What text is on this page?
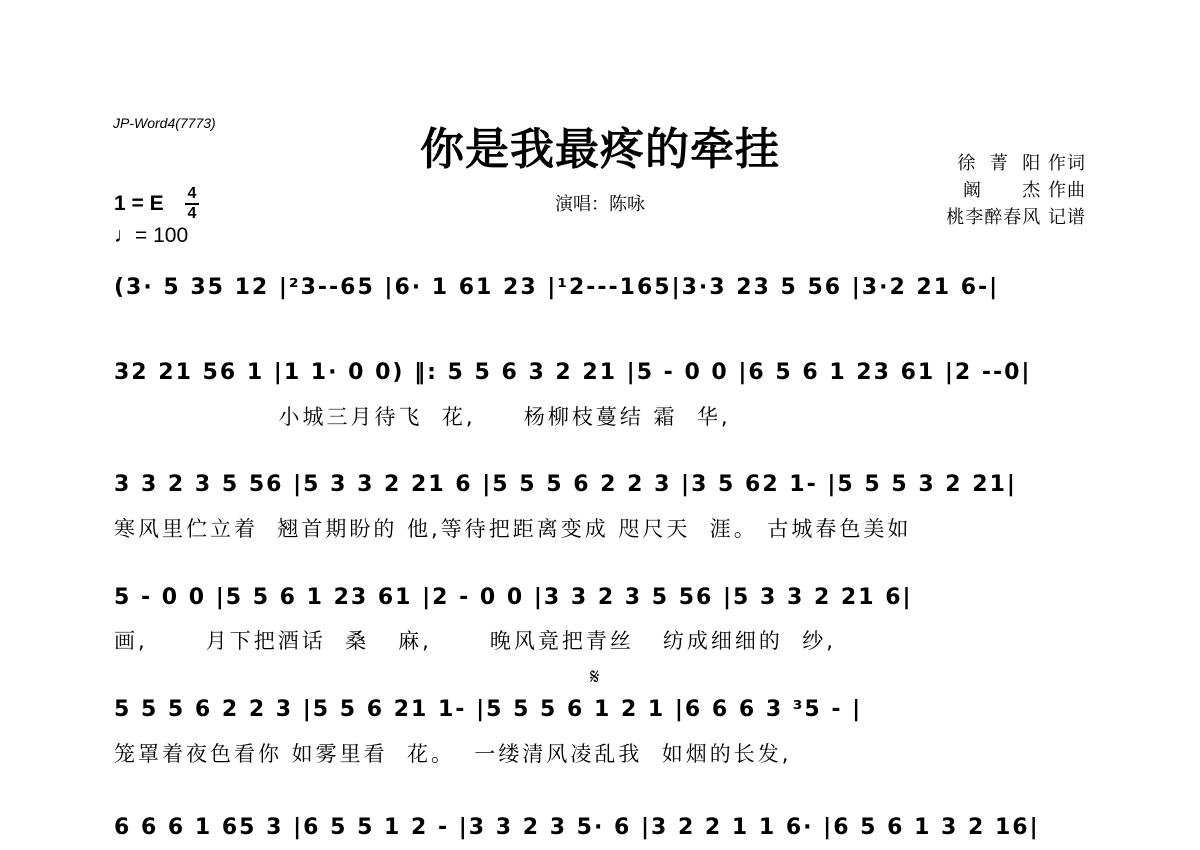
JP-Word4(7773)
你是我最疼的牵挂	徐  菁  阳 作词
阚      杰 作曲
桃李醉春风 记谱
演唱：陈咏
1 = E 4
4
♩= 100
(3· 5 35 12 |²3--65 |6· 1 61 23 |¹2---165|3·3 23 5 56 |3·2 21 6-|
32 21 56 1 |1 1· 0 0) ‖: 5 5 6 3 2 21 |5 - 0 0 |6 5 6 1 23 61 |2 --0|
小城三月待飞  花,     杨柳枝蔓结 霜  华,
3 3 2 3 5 56 |5 3 3 2 21 6 |5 5 5 6 2 2 3 |3 5 62 1- |5 5 5 3 2 21|
寒风里伫立着  翘首期盼的 他,等待把距离变成 咫尺天  涯。 古城春色美如
5 - 0 0 |5 5 6 1 23 61 |2 - 0 0 |3 3 2 3 5 56 |5 3 3 2 21 6|
画,      月下把酒话  桑   麻,      晚风竟把青丝   纺成细细的  纱,
𝄋
5 5 5 6 2 2 3 |5 5 6 21 1- |5 5 5 6 1 2 1 |6 6 6 3 ³5 - |
笼罩着夜色看你 如雾里看  花。  一缕清风凌乱我  如烟的长发,
6 6 6 1 65 3 |6 5 5 1 2 - |3 3 2 3 5· 6 |3 2 2 1 1 6· |6 5 6 1 3 2 16|
